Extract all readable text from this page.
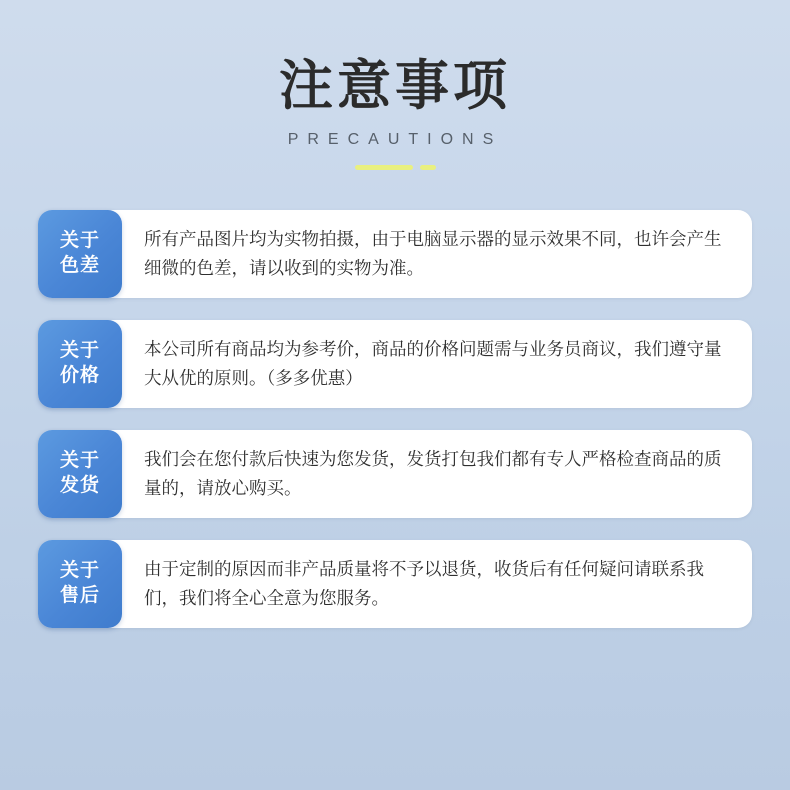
注意事项
PRECAUTIONS
关于
色差

所有产品图片均为实物拍摄，由于电脑显示器的显示效果不同，也许会产生细微的色差，请以收到的实物为准。

关于
价格

本公司所有商品均为参考价，商品的价格问题需与业务员商议，我们遵守量大从优的原则。（多多优惠）

关于
发货

我们会在您付款后快速为您发货，发货打包我们都有专人严格检查商品的质量的，请放心购买。

关于
售后

由于定制的原因而非产品质量将不予以退货，收货后有任何疑问请联系我们，我们将全心全意为您服务。
